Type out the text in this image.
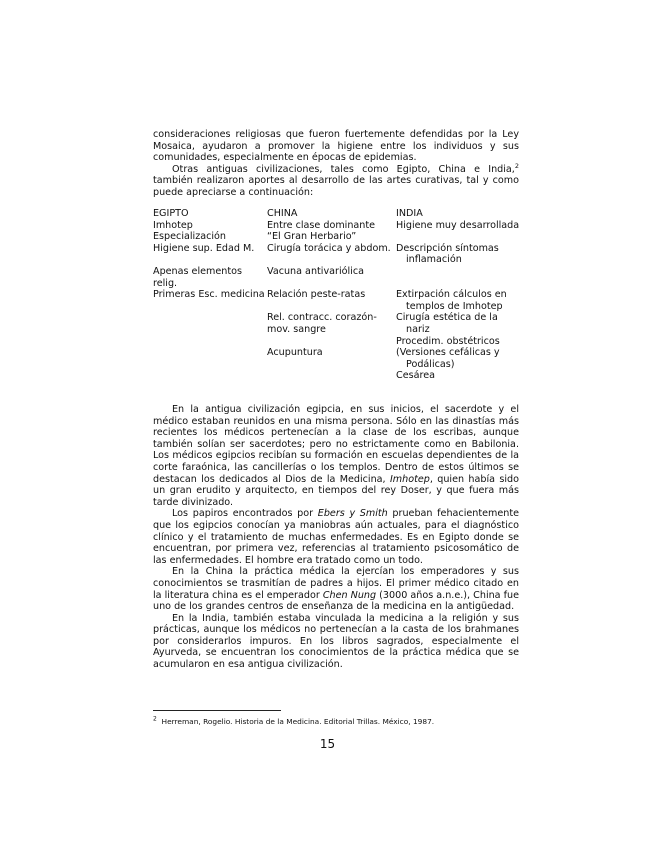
consideraciones religiosas que fueron fuertemente defendidas por la Ley Mosaica, ayudaron a promover la higiene entre los individuos y sus comunidades, especialmente en épocas de epidemias.

Otras antiguas civilizaciones, tales como Egipto, China e India,$^2$ también realizaron aportes al desarrollo de las artes curativas, tal y como puede apreciarse a continuación:

EGIPTO	CHINA	INDIA
Imhotep	Entre clase dominante	Higiene muy desarrollada

Especialización	“El Gran Herbario”	

Higiene sup. Edad M.	Cirugía torácica y abdom.	Descripción síntomas inflamación

Apenas elementos relig.	Vacuna antivariólica	

Primeras Esc. medicina	Relación peste-ratas	Extirpación cálculos en templos de Imhotep

	Rel. contracc. corazón-mov. sangre	Cirugía estética de la nariz

		Procedim. obstétricos

	Acupuntura	(Versiones cefálicas y Podálicas)

		Cesárea

En la antigua civilización egipcia, en sus inicios, el sacerdote y el médico estaban reunidos en una misma persona. Sólo en las dinastías más recientes los médicos pertenecían a la clase de los escribas, aunque también solían ser sacerdotes; pero no estrictamente como en Babilonia. Los médicos egipcios recibían su formación en escuelas dependientes de la corte faraónica, las cancillerías o los templos. Dentro de estos últimos se destacan los dedicados al Dios de la Medicina, Imhotep, quien había sido un gran erudito y arquitecto, en tiempos del rey Doser, y que fuera más tarde divinizado.

Los papiros encontrados por Ebers y Smith prueban fehacientemente que los egipcios conocían ya maniobras aún actuales, para el diagnóstico clínico y el tratamiento de muchas enfermedades. Es en Egipto donde se encuentran, por primera vez, referencias al tratamiento psicosomático de las enfermedades. El hombre era tratado como un todo.

En la China la práctica médica la ejercían los emperadores y sus conocimientos se trasmitían de padres a hijos. El primer médico citado en la literatura china es el emperador Chen Nung (3000 años a.n.e.), China fue uno de los grandes centros de enseñanza de la medicina en la antigüedad.

En la India, también estaba vinculada la medicina a la religión y sus prácticas, aunque los médicos no pertenecían a la casta de los brahmanes por considerarlos impuros. En los libros sagrados, especialmente el Ayurveda, se encuentran los conocimientos de la práctica médica que se acumularon en esa antigua civilización.

$^2$ Herreman, Rogelio. Historia de la Medicina. Editorial Trillas. México, 1987.
15
